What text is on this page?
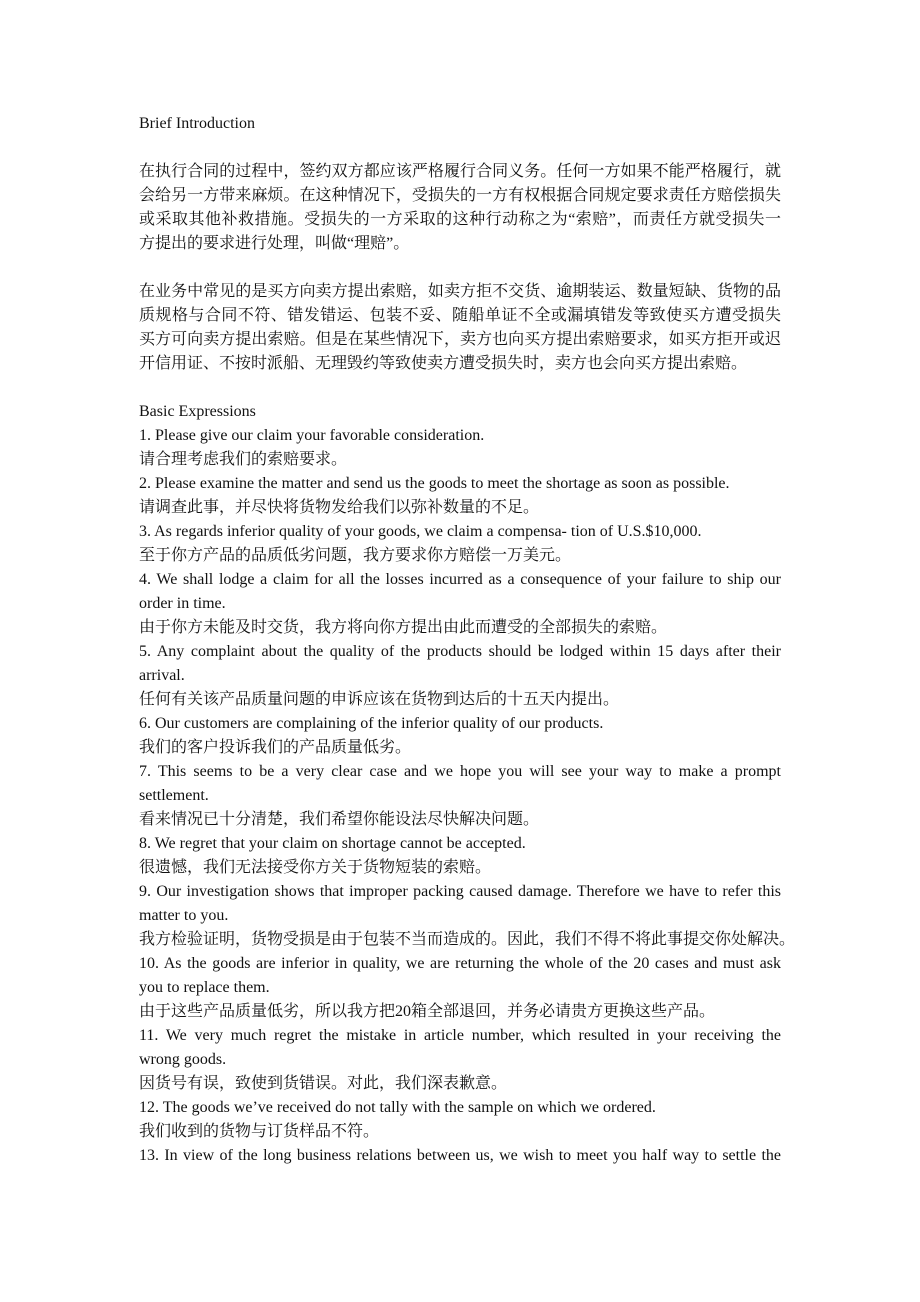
Brief Introduction
在执行合同的过程中，签约双方都应该严格履行合同义务。任何一方如果不能严格履行，就
会给另一方带来麻烦。在这种情况下，受损失的一方有权根据合同规定要求责任方赔偿损失
或采取其他补救措施。受损失的一方采取的这种行动称之为“索赔”，而责任方就受损失一
方提出的要求进行处理，叫做“理赔”。
在业务中常见的是买方向卖方提出索赔，如卖方拒不交货、逾期装运、数量短缺、货物的品
质规格与合同不符、错发错运、包装不妥、随船单证不全或漏填错发等致使买方遭受损失
买方可向卖方提出索赔。但是在某些情况下，卖方也向买方提出索赔要求，如买方拒开或迟
开信用证、不按时派船、无理毁约等致使卖方遭受损失时，卖方也会向买方提出索赔。
Basic Expressions
1. Please give our claim your favorable consideration.
请合理考虑我们的索赔要求。
2. Please examine the matter and send us the goods to meet the shortage as soon as possible.
请调查此事，并尽快将货物发给我们以弥补数量的不足。
3. As regards inferior quality of your goods, we claim a compensa- tion of U.S.$10,000.
至于你方产品的品质低劣问题，我方要求你方赔偿一万美元。
4. We shall lodge a claim for all the losses incurred as a consequence of your failure to ship our
order in time.
由于你方未能及时交货，我方将向你方提出由此而遭受的全部损失的索赔。
5. Any complaint about the quality of the products should be lodged within 15 days after their
arrival.
任何有关该产品质量问题的申诉应该在货物到达后的十五天内提出。
6. Our customers are complaining of the inferior quality of our products.
我们的客户投诉我们的产品质量低劣。
7. This seems to be a very clear case and we hope you will see your way to make a prompt
settlement.
看来情况已十分清楚，我们希望你能设法尽快解决问题。
8. We regret that your claim on shortage cannot be accepted.
很遗憾，我们无法接受你方关于货物短装的索赔。
9. Our investigation shows that improper packing caused damage. Therefore we have to refer this
matter to you.
我方检验证明，货物受损是由于包装不当而造成的。因此，我们不得不将此事提交你处解决。
10. As the goods are inferior in quality, we are returning the whole of the 20 cases and must ask
you to replace them.
由于这些产品质量低劣，所以我方把20箱全部退回，并务必请贵方更换这些产品。
11. We very much regret the mistake in article number, which resulted in your receiving the
wrong goods.
因货号有误，致使到货错误。对此，我们深表歉意。
12. The goods we’ve received do not tally with the sample on which we ordered.
我们收到的货物与订货样品不符。
13. In view of the long business relations between us, we wish to meet you half way to settle the
